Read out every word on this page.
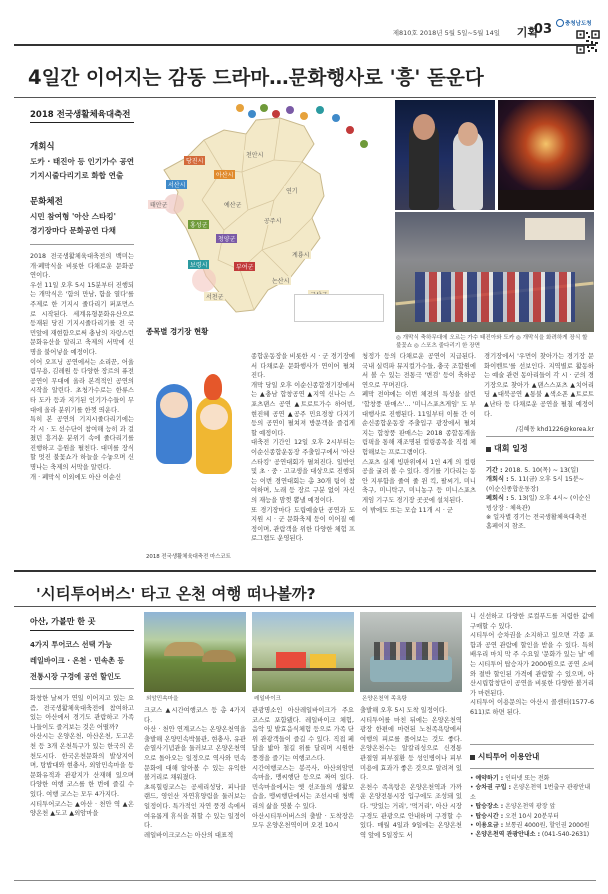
제810호 2018년 5월 5일~5월 14일 기획
03 충청남도청
4일간 이어지는 감동 드라마…문화행사로 '흥' 돋운다
2018 전국생활체육대축전
개회식
도카 · 태진아 등 인기가수 공연
기지시줄다리기로 화합 연출
문화체전
시민 참여형 '아산 스타킹'
경기장마다 문화공연 다채
2018 전국생활체육대축전의 백미는 개·폐막식을 비롯한 다채로운 문화공연이다.
우선 11일 오후 5시 15분부터 진행되는 개막식은 '함의 만남, 함을 열다'를 주제로 한 기지시 줄다리기 퍼포먼스로 시작된다. 세계유형문화유산으로 등재된 당진 기지시줄다리기를 전 국민앞에 재현함으로써 충남의 자랑스런 문화유산을 알리고 축제의 서막에 신명을 불어넣을 예정이다.
이어 오프닝 공연에서는 소리꾼, 어울림무용, 김레원 등 다양한 장르의 퓨전공연이 무대에 올라 본격적인 공연의 시작을 알린다. 초청가수로는 한류스타 도카 등과 지기된 인기가수들이 무대에 올라 분위기를 한껏 띄운다.
특히 본 공연의 기지시줄다리기에는 각 시 · 도 선수단이 참여해 능히 과 걸쳤던 흥겨운 분위기 속에 줄다리기를 진행하고 응원을 펼친다. 대미를 장식할 멋진 불꽃쇼가 하늘을 수놓으며 신명나는 축제의 서막을 알린다.
개 · 폐막식 이외에도 아산 이순신
천안시
아산시
당진시
서산시
태안군
홍성군
예산군
청양군
공주시
보령시	부여군
서천군
논산시
계룡시
연기
종목별 경기장 현황
◎ 개막식 축하무대에 오르는 가수 태진아와 도카 ◎ 개막식을 화려하게 장식 할 불꽃쇼 ◎ 스포츠 줄다리기 한 장면
종합운동장을 비롯한 시 · 군 경기장에서 다채로운 문화행사가 연이어 펼쳐진다.
개막 당일 오후 이순신종합경기장에서는 ▲충남 합창공연 ▲지역 신나는 스포츠댄스 공연 ▲트로트가수 하어빈, 현진혜 공연 ▲공주 민요경창 다지기 등의 공연이 펼쳐져 방문객을 즐겁게 할 예정이다.
대축전 기간인 12일 오후 2시부터는 이순신종합운동장 주출입구에서 '아산 스타킹' 공연대회가 펼쳐진다. 일반인 및 초 · 중 · 고교생을 대상으로 진행되는 이번 경연대회는 총 30개 팀이 참여하며, 노래 등 장르 구분 없이 자신의 재능을 맘껏 뽐낼 예정이다.
또 경기장마다 도립예술단 공연과 도 지원 시 · 군 문화축제 등이 이어질 예정이며, 관람객을 위한 다양한 체험 프로그램도 운영된다.
청정가 등의 다채로운 공연이 지급된다. 국내 실력파 뮤지컬가수들, 충국 조합원에서 볼 수 있는 전통극 '변검' 등이 축하공연으로 꾸며진다.
폐막 전야에는 이번 체전의 특성을 살린 '합창풍 판매스'... '미니스포츠게임' 도 부대행사로 진행된다. 11일부터 이틀 간 이순신종합운동장 주출입구 광장에서 펼쳐지는 합창풍 판매스는 2018 종합동계올림픽을 통해 재조명된 컬링종목을 직접 체험해보는 프로그램이다.
스포츠 실제 빙판위에서 1인 4게 의 컬링공을 굴려 볼 수 있다. 경기를 기다리는 동안 지루함을 줄여 줄 윈 킥, 팔씨기, 미니축구, 미니탁구, 미니농구 등 미니스포츠 게임 기구도 경기장 곳곳에 설치된다.
이 밖에도 또는 모습 11개 시 · 군
경기장에서 '우먼이 찾아가는 경기장 문화이벤트'를 선보인다. 지역별로 활동하는 예술 관련 동아리들이 각 시 · 군의 경기장으로 찾아가 ▲댄스스포츠 ▲치어리딩 ▲대북공연 ▲통불 ▲색소폰 ▲트로트 ▲난타 등 다채로운 공연을 펼칠 예정이다.
/김혜동 khd1226@korea.kr
2018 전국생활체육대축전 마스코트
대회 일정
기간 : 2018. 5. 10(목) ~ 13(일)
개회식 : 5. 11(금) 오후 5시 15분~ (이순신종합운동장)
폐회식 : 5. 13(일) 오후 4시~ (이순신빙상장 · 체육관)
※ 일자별 경기는 전국생활체육대축전 홈페이지 참조.
'시티투어버스' 타고 온천 여행 떠나볼까?
아산, 가볼만 한 곳
4가지 투어코스 선택 가능
레일바이크 · 온천 · 민속촌 등
전통시장 구경에 공연 할인도
화창한 날씨가 연일 이어지고 있는 요즘, 전국생활체육대축전에 참여하고 있는 아산에서 경기도 관람하고 가족나들이도 즐겨보는 것은 어떨까?
아산시는 온양온천, 아산온천, 도고온천 등 3개 온천특구가 있는 한국의 온천도시다. 한국온천문화의 발상지이며, 탕밥대와 현충사, 외암민속마을 등 문화유적과 관광지가 산재해 있으며 다양한 여행 코스를 한 번에 즐길 수 있다. 여행 코스는 모두 4가지다.
시티투어코스는 ▲아산 · 천안 역 ▲온양온천 ▲도고 ▲외암마을
외암민속마을	레일바이크	온양온천역 족욕탕
크코스 ▲시간여행코스 등 총 4가지다.
아산 · 천안 연계코스는 온양온천역을 출발해 온양민속박물관, 현충사, 유관순열사기념관을 둘러보고 온양온천역으로 돌아오는 일정으로 역사와 민속문화에 대해 알아볼 수 있는 유익한 볼거리로 채워졌다.
초록힐링코스는 공세리성당, 피나클랜드, 영인산 자연휴양림을 둘러보는 일정이다. 특가적인 자연 풍경 속에서 여유롭게 휴식을 취할 수 있는 일정이다.
레일바이크코스는 아산의 대표적
관광명소인 아산레일바이크가 주요 코스로 포함됐다. 레일바이크 체험, 음악 및 발효음식체험 등으로 가족 단위 관광객들이 즐길 수 있다. 직접 페달을 밟아 철길 위를 달리며 시원한 풍경을 즐기는 여행코스다.
시간여행코스는 봉곡사, 아산외암민속마을, 맹씨행단 등으로 짜여 있다. 민속마을에서는 옛 선조들의 생활모습을, 맹씨행단에서는 조선시대 청백리의 삶을 엿볼 수 있다.
아산시티투어버스의 출발 · 도착장은 모두 온양온천역이며 오전 10시
출발해 오후 5시 도착 일정이다.
시티투어를 마친 뒤에는 온양온천역 광장 한편에 마련된 노천족욕탕에서 여행의 피로를 풀어보는 것도 좋다. 온양온천수는 알칼리성으로 신경통 관절염 피부질환 등 성인병이나 피부미용에 효과가 좋은 것으로 알려져 있다.
온천수 족욕탕은 온양온천역과 가까운 온양전통시장 입구에도 조성돼 있다. '맛있는 거리', '먹거리', 아산 시장 구경도 관광으로 안내하며 구경할 수 있다. 매월 4일과 9일에는 온양온천역 앞에 5일장도 서
니 신선하고 다양한 로컬푸드를 저렴한 값에 구매할 수 있다.
시티투어 승차권을 소지하고 있으면 각종 포함과 공연 관람에 할인을 받을 수 있다. 특히 배우리 마치 막 주 수요일 '문화가 있는 날' 에는 시티투어 탑승자가 2000원으로 공연 소비와 절반 할인된 가격에 관람할 수 있으며, 아산시립합창단이 공연을 비롯한 다양한 볼거리가 마련된다.
시티투어 이용문의는 아산시 콜센터(1577-6611)로 하면 된다.
시티투어 이용안내
• 예약하기 : 인터넷 또는 전화
• 승차권 구입 : 온양온천역 1번출구 관광안내소
• 탑승장소 : 온양온천역 광장 앞
• 탑승시간 : 오전 10시 20분부터
• 이용요금 : 보통권 4000원, 할인권 2000원
• 온양온천역 관광안내소 : (041-540-2631)
